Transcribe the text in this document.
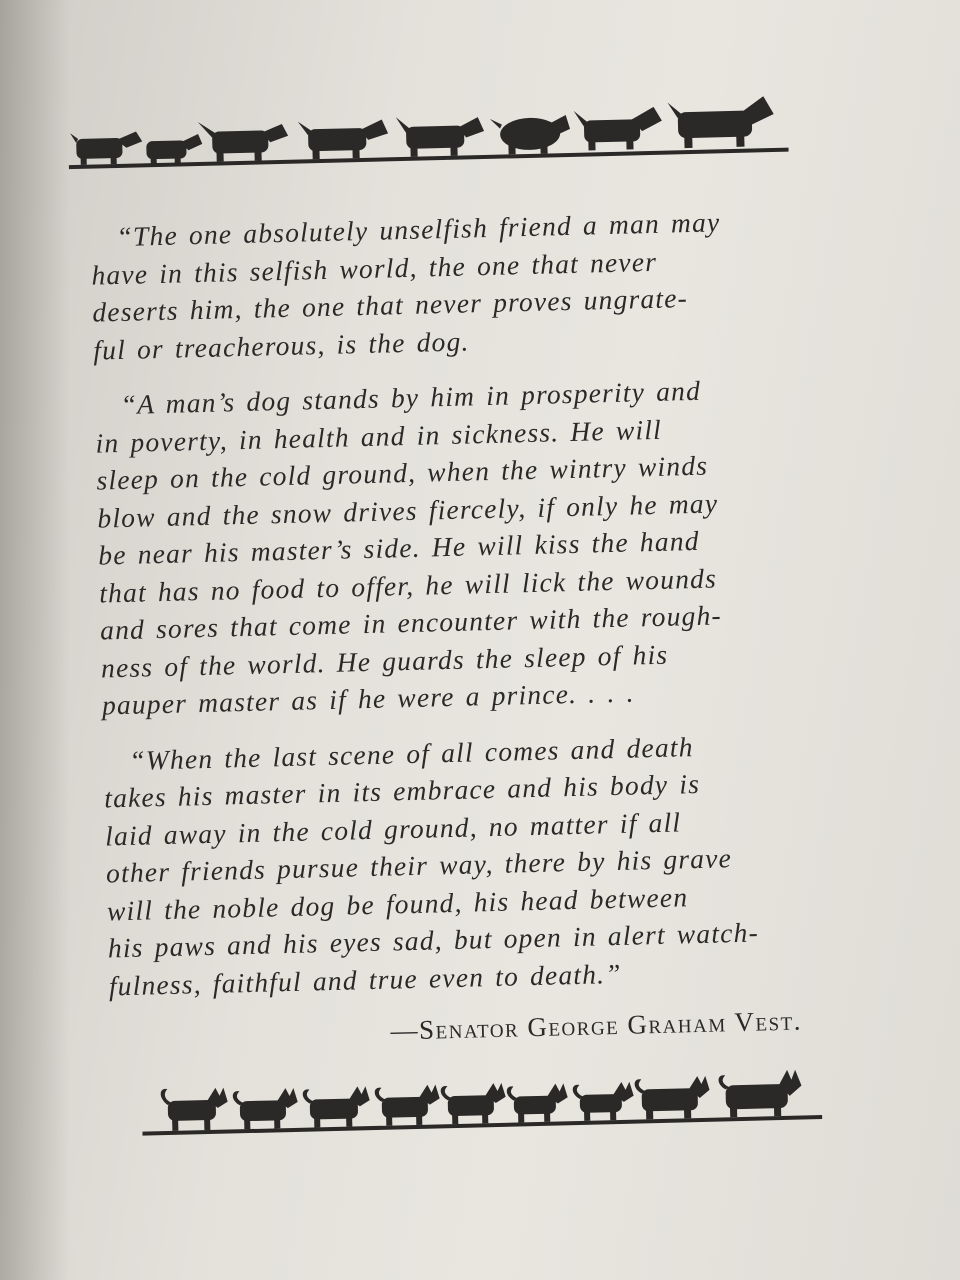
“The one absolutely unselfish friend a man may
have in this selfish world, the one that never
deserts him, the one that never proves ungrate-
ful or treacherous, is the dog.

“A man’s dog stands by him in prosperity and
in poverty, in health and in sickness. He will
sleep on the cold ground, when the wintry winds
blow and the snow drives fiercely, if only he may
be near his master’s side. He will kiss the hand
that has no food to offer, he will lick the wounds
and sores that come in encounter with the rough-
ness of the world. He guards the sleep of his
pauper master as if he were a prince. . . .

“When the last scene of all comes and death
takes his master in its embrace and his body is
laid away in the cold ground, no matter if all
other friends pursue their way, there by his grave
will the noble dog be found, his head between
his paws and his eyes sad, but open in alert watch-
fulness, faithful and true even to death.”

—Senator George Graham Vest.
